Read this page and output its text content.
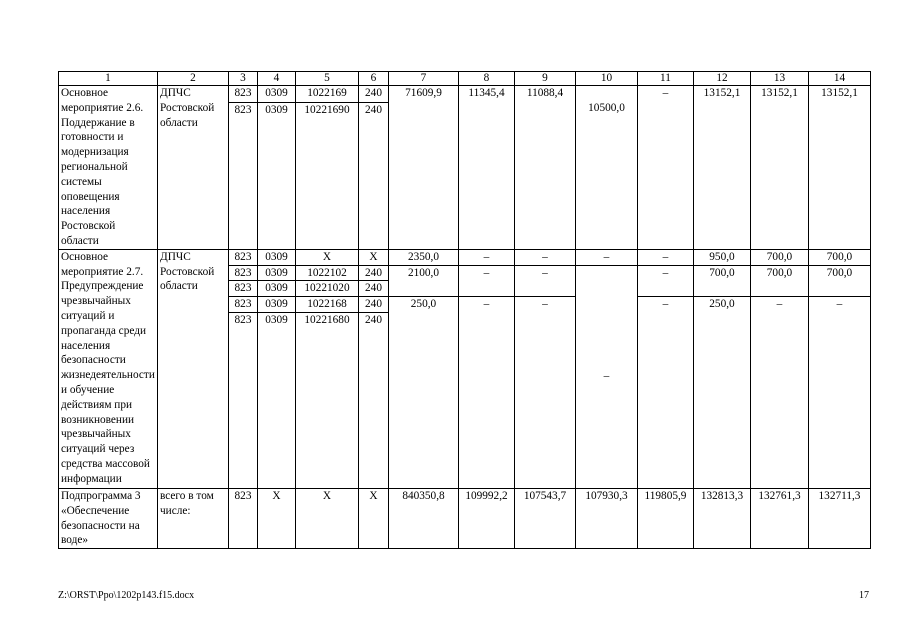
1	2	3	4	5	6	7	8	9	10	11	12	13	14
Основное мероприятие 2.6. Поддержание в готовности и модернизация региональной системы оповещения населения Ростовской области	ДПЧС Ростовской области	823	0309	1022169	240	71609,9	11345,4	11088,4	10500,0	–	13152,1	13152,1	13152,1
		823	0309	10221690	240								
Основное мероприятие 2.7. Предупреждение чрезвычайных ситуаций и пропаганда среди населения безопасности жизнедеятельности и обучение действиям при возникновении чрезвычайных ситуаций через средства массовой информации	ДПЧС Ростовской области	823	0309	X	X	2350,0	–	–	–	–	950,0	700,0	700,0
		823	0309	1022102	240	2100,0	–	–	–	–	700,0	700,0	700,0
		823	0309	10221020	240								
		823	0309	1022168	240	250,0	–	–		–	250,0	–	–
		823	0309	10221680	240								
Подпрограмма 3 «Обеспечение безопасности на воде»	всего в том числе:	823	X	X	X	840350,8	109992,2	107543,7	107930,3	119805,9	132813,3	132761,3	132711,3
Z:\ORST\Ppo\1202p143.f15.docx	17
